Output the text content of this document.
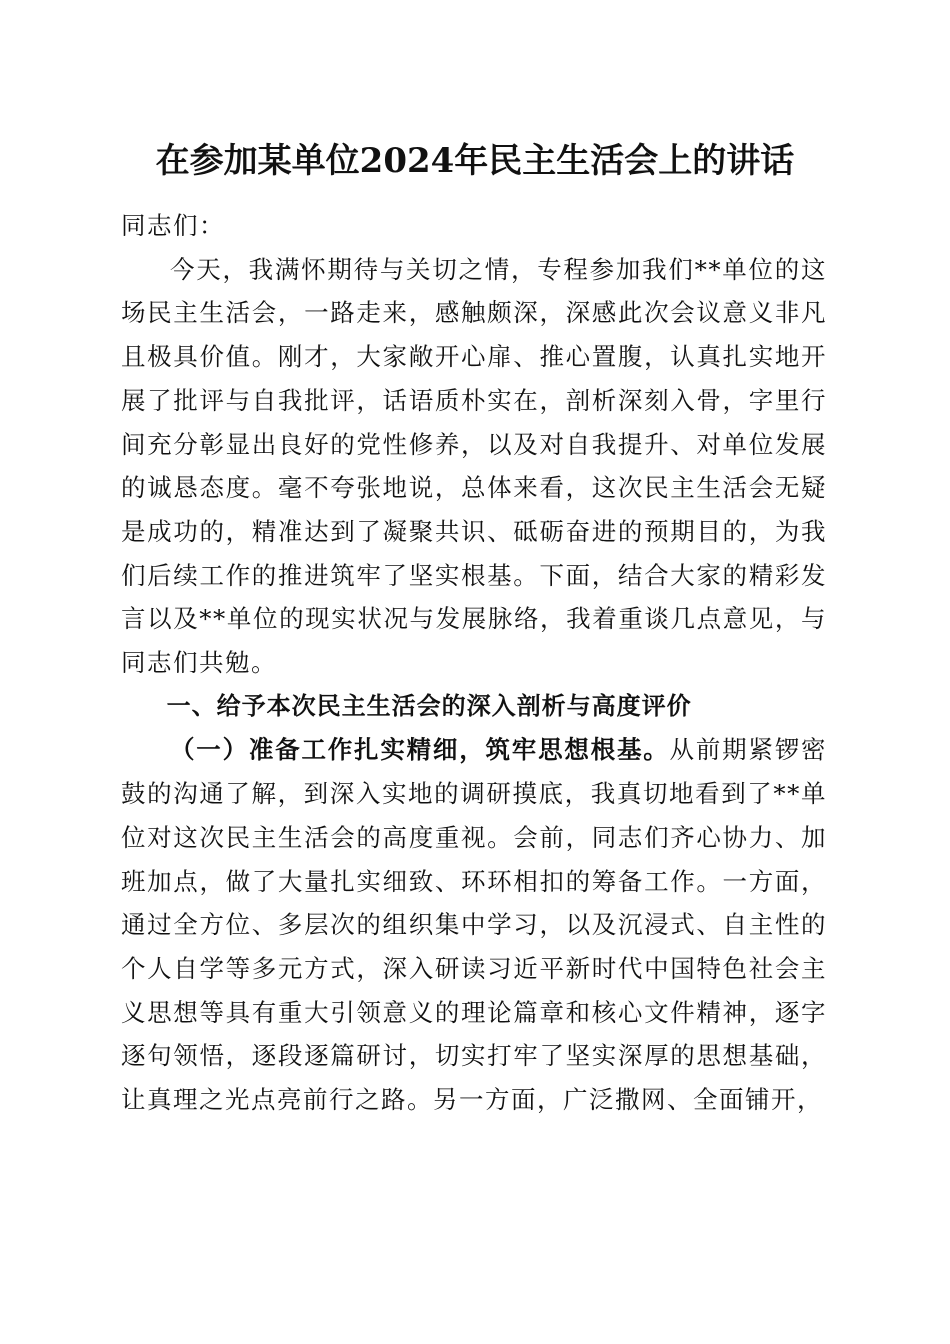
在参加某单位2024年民主生活会上的讲话

同志们：

今天，我满怀期待与关切之情，专程参加我们**单位的这场民主生活会，一路走来，感触颇深，深感此次会议意义非凡且极具价值。刚才，大家敞开心扉、推心置腹，认真扎实地开展了批评与自我批评，话语质朴实在，剖析深刻入骨，字里行间充分彰显出良好的党性修养，以及对自我提升、对单位发展的诚恳态度。毫不夸张地说，总体来看，这次民主生活会无疑是成功的，精准达到了凝聚共识、砥砺奋进的预期目的，为我们后续工作的推进筑牢了坚实根基。下面，结合大家的精彩发言以及**单位的现实状况与发展脉络，我着重谈几点意见，与同志们共勉。

一、给予本次民主生活会的深入剖析与高度评价

（一）准备工作扎实精细，筑牢思想根基。从前期紧锣密鼓的沟通了解，到深入实地的调研摸底，我真切地看到了**单位对这次民主生活会的高度重视。会前，同志们齐心协力、加班加点，做了大量扎实细致、环环相扣的筹备工作。一方面，通过全方位、多层次的组织集中学习，以及沉浸式、自主性的个人自学等多元方式，深入研读习近平新时代中国特色社会主义思想等具有重大引领意义的理论篇章和核心文件精神，逐字逐句领悟，逐段逐篇研讨，切实打牢了坚实深厚的思想基础，让真理之光点亮前行之路。另一方面，广泛撒网、全面铺开，
